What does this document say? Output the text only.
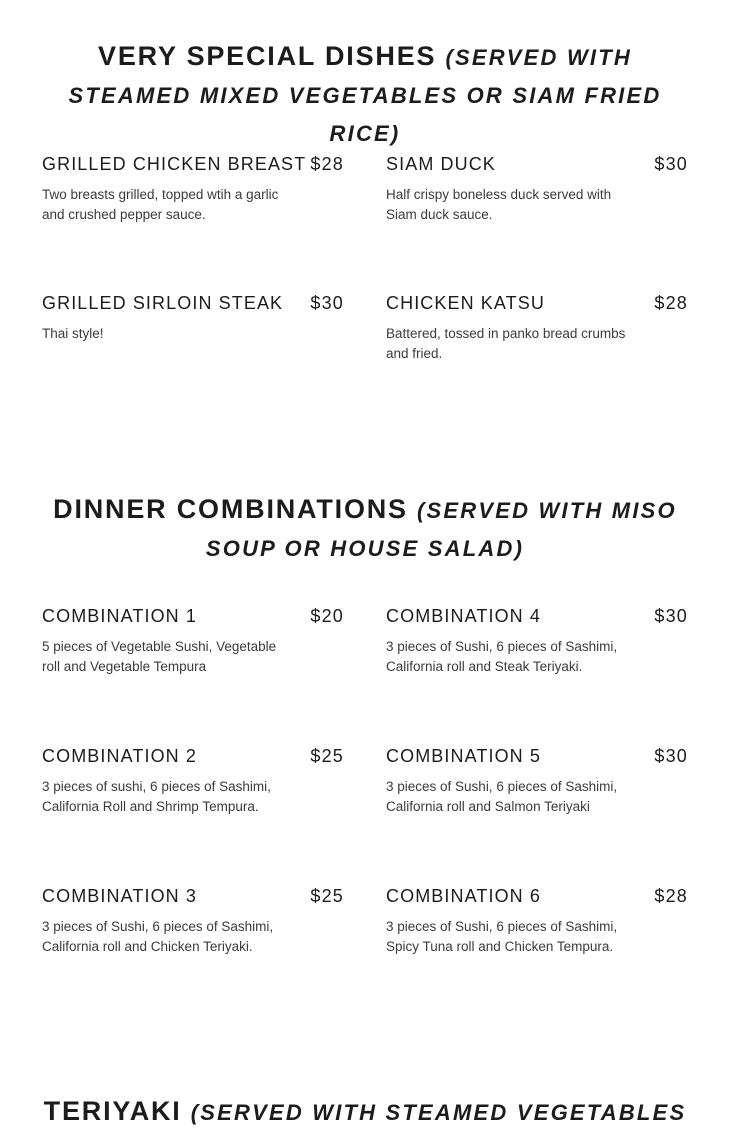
VERY SPECIAL DISHES (SERVED WITH STEAMED MIXED VEGETABLES OR SIAM FRIED RICE)
GRILLED CHICKEN BREAST $28
Two breasts grilled, topped wtih a garlic and crushed pepper sauce.
SIAM DUCK	$30
Half crispy boneless duck served with Siam duck sauce.
GRILLED SIRLOIN STEAK $30
Thai style!
CHICKEN KATSU	$28
Battered, tossed in panko bread crumbs and fried.
DINNER COMBINATIONS (SERVED WITH MISO SOUP OR HOUSE SALAD)
COMBINATION 1	$20
5 pieces of Vegetable Sushi, Vegetable roll and Vegetable Tempura
COMBINATION 4	$30
3 pieces of Sushi, 6 pieces of Sashimi, California roll and Steak Teriyaki.
COMBINATION 2	$25
3 pieces of sushi, 6 pieces of Sashimi, California Roll and Shrimp Tempura.
COMBINATION 5	$30
3 pieces of Sushi, 6 pieces of Sashimi, California roll and Salmon Teriyaki
COMBINATION 3	$25
3 pieces of Sushi, 6 pieces of Sashimi, California roll and Chicken Teriyaki.
COMBINATION 6	$28
3 pieces of Sushi, 6 pieces of Sashimi, Spicy Tuna roll and Chicken Tempura.
TERIYAKI (SERVED WITH STEAMED VEGETABLES
